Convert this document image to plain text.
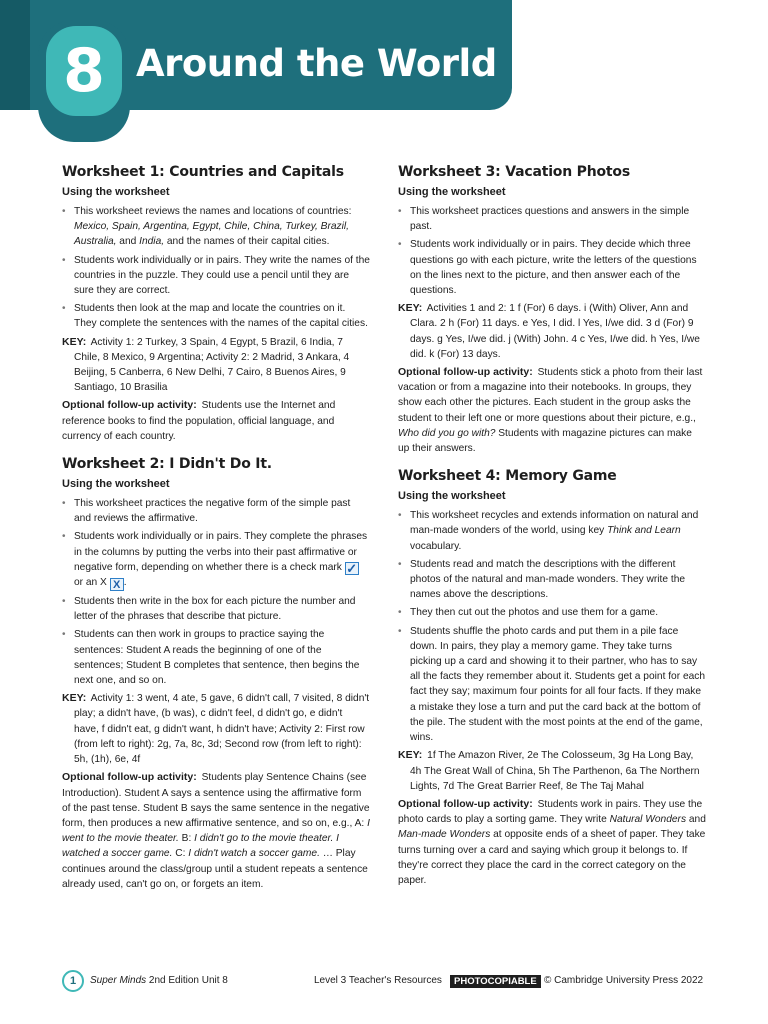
Around the World
8
Worksheet 1: Countries and Capitals
Using the worksheet
• This worksheet reviews the names and locations of countries: Mexico, Spain, Argentina, Egypt, Chile, China, Turkey, Brazil, Australia, and India, and the names of their capital cities.
• Students work individually or in pairs. They write the names of the countries in the puzzle. They could use a pencil until they are sure they are correct.
• Students then look at the map and locate the countries on it. They complete the sentences with the names of the capital cities.
KEY: Activity 1: 2 Turkey, 3 Spain, 4 Egypt, 5 Brazil, 6 India, 7 Chile, 8 Mexico, 9 Argentina; Activity 2: 2 Madrid, 3 Ankara, 4 Beijing, 5 Canberra, 6 New Delhi, 7 Cairo, 8 Buenos Aires, 9 Santiago, 10 Brasilia
Optional follow-up activity: Students use the Internet and reference books to find the population, official language, and currency of each country.
Worksheet 2: I Didn't Do It.
Using the worksheet
• This worksheet practices the negative form of the simple past and reviews the affirmative.
• Students work individually or in pairs. They complete the phrases in the columns by putting the verbs into their past affirmative or negative form, depending on whether there is a check mark ✓ or an X X .
• Students then write in the box for each picture the number and letter of the phrases that describe that picture.
• Students can then work in groups to practice saying the sentences: Student A reads the beginning of one of the sentences; Student B completes that sentence, then begins the next one, and so on.
KEY: Activity 1: 3 went, 4 ate, 5 gave, 6 didn't call, 7 visited, 8 didn't play; a didn't have, (b was), c didn't feel, d didn't go, e didn't have, f didn't eat, g didn't want, h didn't have; Activity 2: First row (from left to right): 2g, 7a, 8c, 3d; Second row (from left to right): 5h, (1h), 6e, 4f
Optional follow-up activity: Students play Sentence Chains (see Introduction). Student A says a sentence using the affirmative form of the past tense. Student B says the same sentence in the negative form, then produces a new affirmative sentence, and so on, e.g., A: I went to the movie theater. B: I didn't go to the movie theater. I watched a soccer game. C: I didn't watch a soccer game. … Play continues around the class/group until a student repeats a sentence already used, can't go on, or forgets an item.
Worksheet 3: Vacation Photos
Using the worksheet
• This worksheet practices questions and answers in the simple past.
• Students work individually or in pairs. They decide which three questions go with each picture, write the letters of the questions on the lines next to the picture, and then answer each of the questions.
KEY: Activities 1 and 2: 1 f (For) 6 days. i (With) Oliver, Ann and Clara. 2 h (For) 11 days. e Yes, I did. l Yes, I/we did. 3 d (For) 9 days. g Yes, I/we did. j (With) John. 4 c Yes, I/we did. h Yes, I/we did. k (For) 13 days.
Optional follow-up activity: Students stick a photo from their last vacation or from a magazine into their notebooks. In groups, they show each other the pictures. Each student in the group asks the student to their left one or more questions about their picture, e.g., Who did you go with? Students with magazine pictures can make up their answers.
Worksheet 4: Memory Game
Using the worksheet
• This worksheet recycles and extends information on natural and man-made wonders of the world, using key Think and Learn vocabulary.
• Students read and match the descriptions with the different photos of the natural and man-made wonders. They write the names above the descriptions.
• They then cut out the photos and use them for a game.
• Students shuffle the photo cards and put them in a pile face down. In pairs, they play a memory game. They take turns picking up a card and showing it to their partner, who has to say all the facts they remember about it. Students get a point for each fact they say; maximum four points for all four facts. If they make a mistake they lose a turn and put the card back at the bottom of the pile. The student with the most points at the end of the game, wins.
KEY: 1f The Amazon River, 2e The Colosseum, 3g Ha Long Bay, 4h The Great Wall of China, 5h The Parthenon, 6a The Northern Lights, 7d The Great Barrier Reef, 8e The Taj Mahal
Optional follow-up activity: Students work in pairs. They use the photo cards to play a sorting game. They write Natural Wonders and Man-made Wonders at opposite ends of a sheet of paper. They take turns turning over a card and saying which group it belongs to. If they're correct they place the card in the correct category on the paper.
1	Super Minds 2nd Edition Unit 8	Level 3 Teacher's Resources	PHOTOCOPIABLE © Cambridge University Press 2022
